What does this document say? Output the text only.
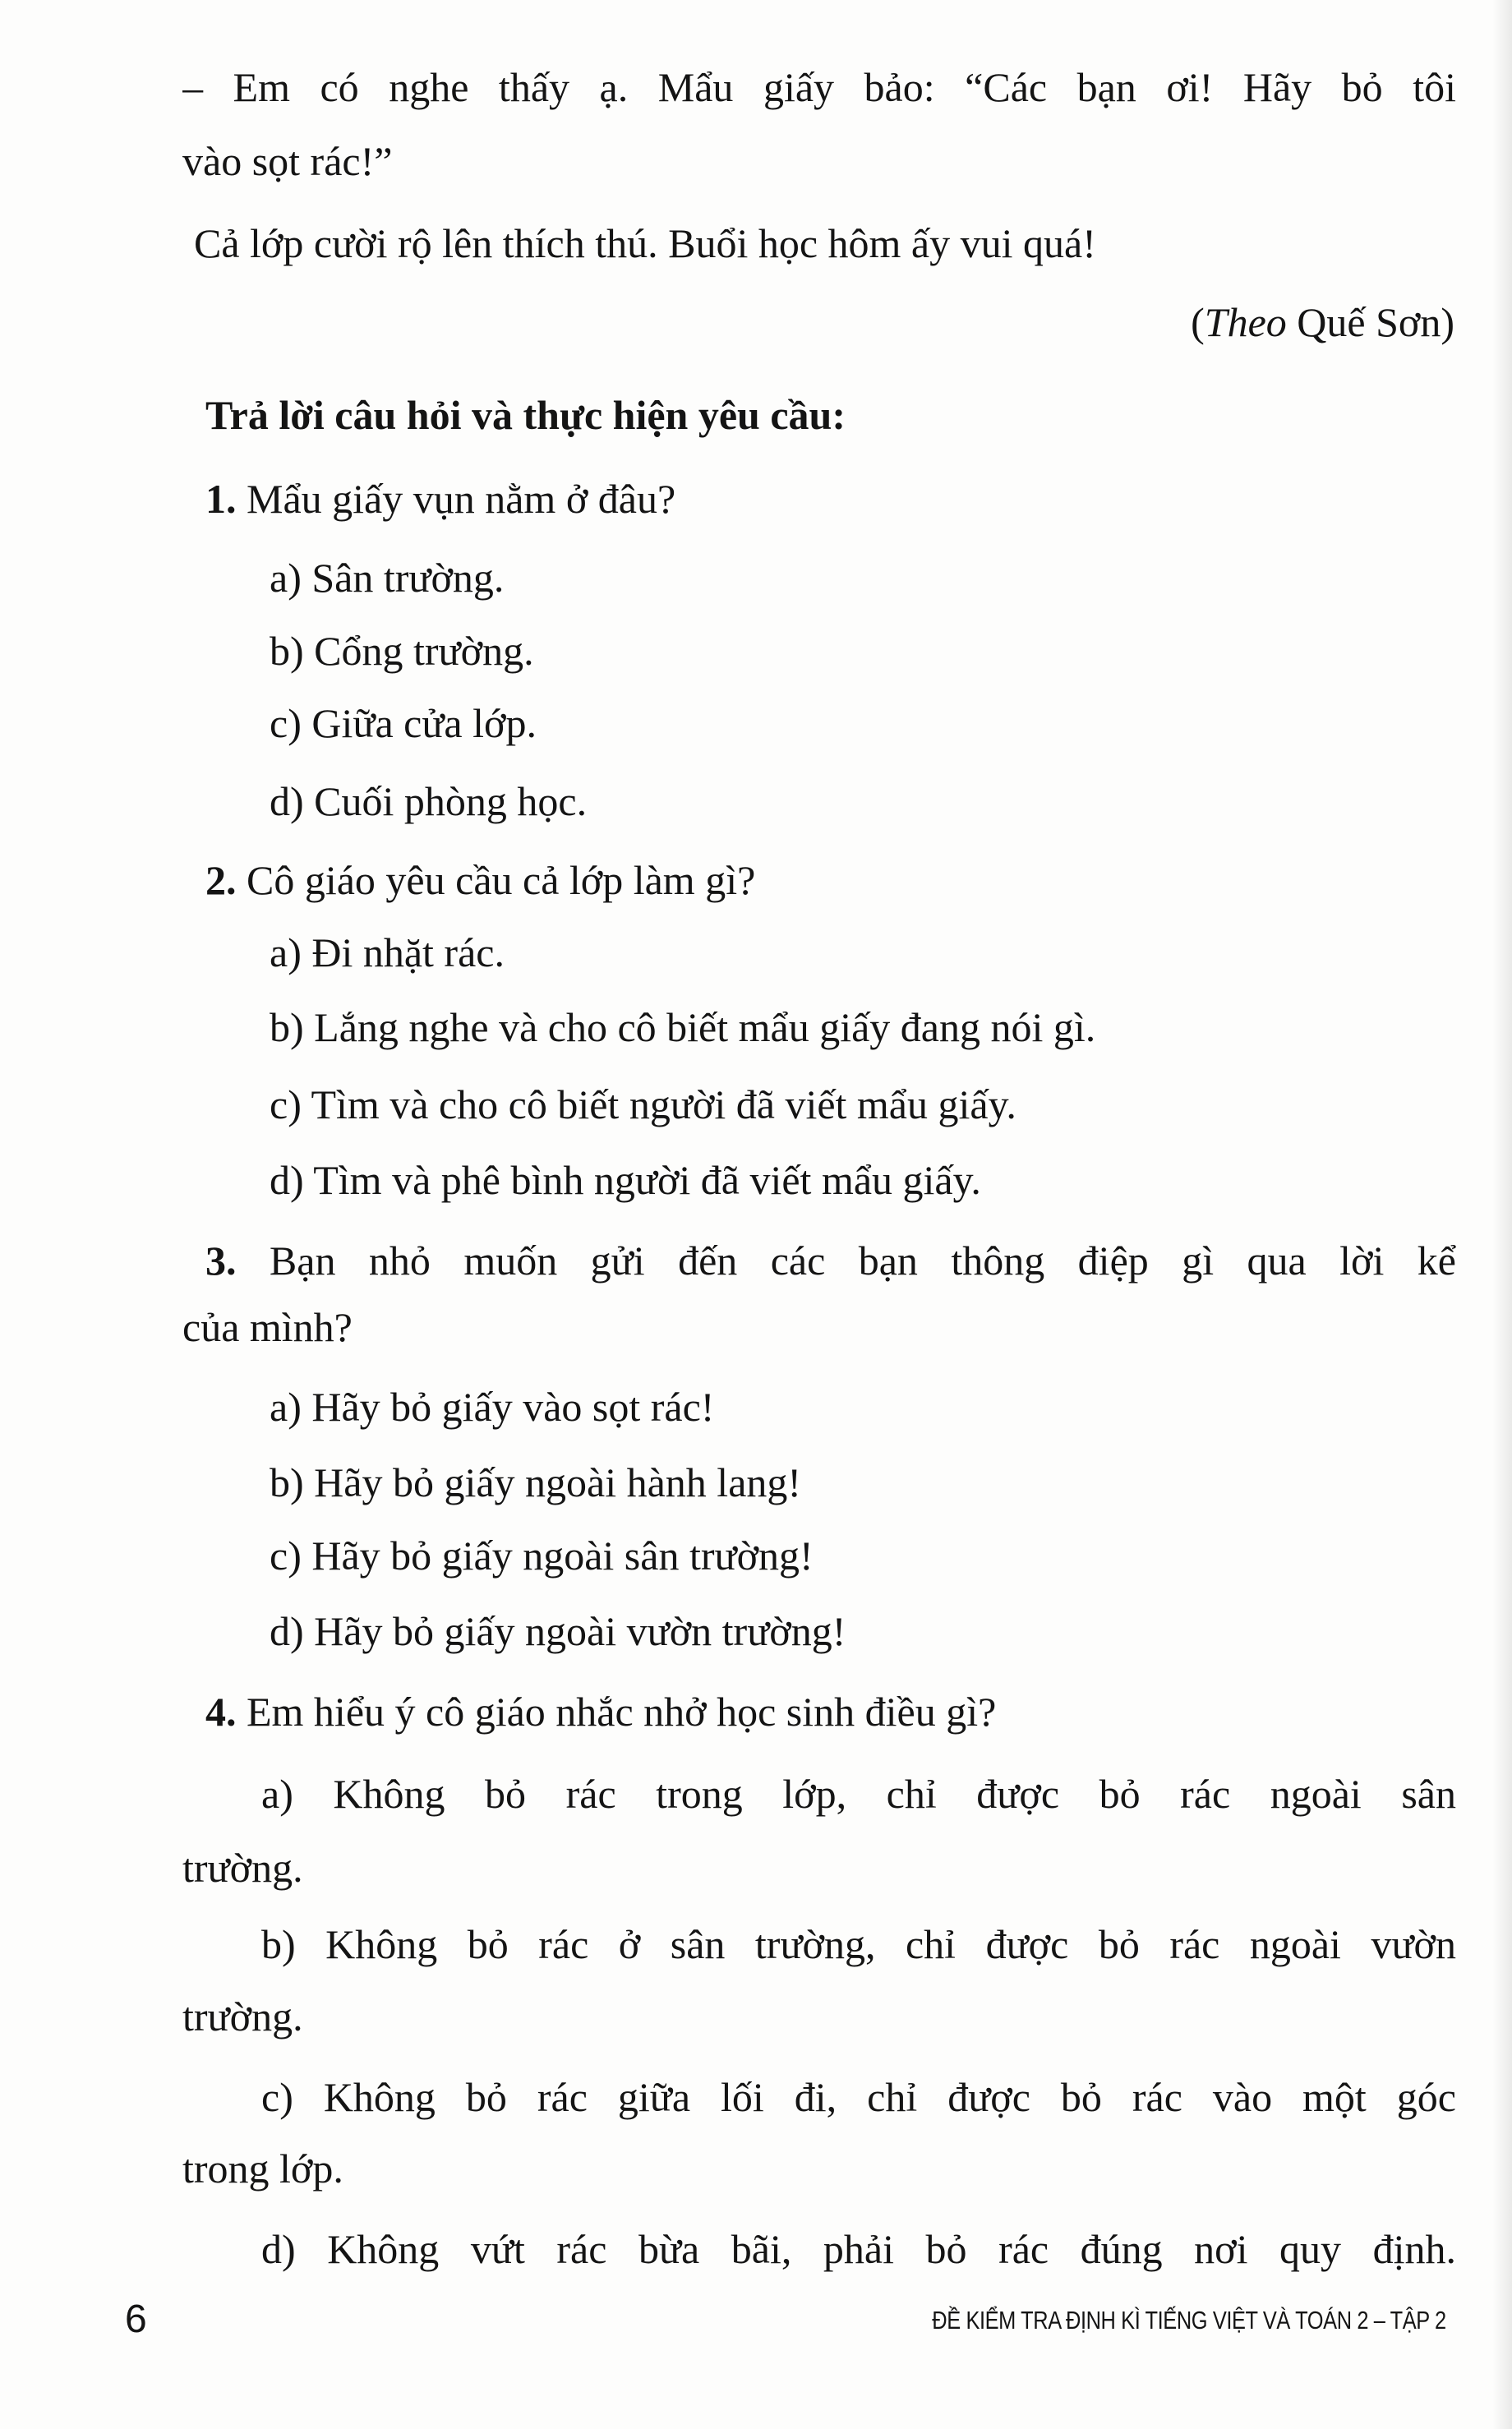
– Em có nghe thấy ạ. Mẩu giấy bảo: “Các bạn ơi! Hãy bỏ tôi
vào sọt rác!”
Cả lớp cười rộ lên thích thú. Buổi học hôm ấy vui quá!
(Theo Quế Sơn)
Trả lời câu hỏi và thực hiện yêu cầu:
1. Mẩu giấy vụn nằm ở đâu?
a) Sân trường.
b) Cổng trường.
c) Giữa cửa lớp.
d) Cuối phòng học.
2. Cô giáo yêu cầu cả lớp làm gì?
a) Đi nhặt rác.
b) Lắng nghe và cho cô biết mẩu giấy đang nói gì.
c) Tìm và cho cô biết người đã viết mẩu giấy.
d) Tìm và phê bình người đã viết mẩu giấy.
3. Bạn nhỏ muốn gửi đến các bạn thông điệp gì qua lời kể
của mình?
a) Hãy bỏ giấy vào sọt rác!
b) Hãy bỏ giấy ngoài hành lang!
c) Hãy bỏ giấy ngoài sân trường!
d) Hãy bỏ giấy ngoài vườn trường!
4. Em hiểu ý cô giáo nhắc nhở học sinh điều gì?
a) Không bỏ rác trong lớp, chỉ được bỏ rác ngoài sân
trường.
b) Không bỏ rác ở sân trường, chỉ được bỏ rác ngoài vườn
trường.
c) Không bỏ rác giữa lối đi, chỉ được bỏ rác vào một góc
trong lớp.
d) Không vứt rác bừa bãi, phải bỏ rác đúng nơi quy định.
6	ĐỀ KIỂM TRA ĐỊNH KÌ TIẾNG VIỆT VÀ TOÁN 2 – TẬP 2
